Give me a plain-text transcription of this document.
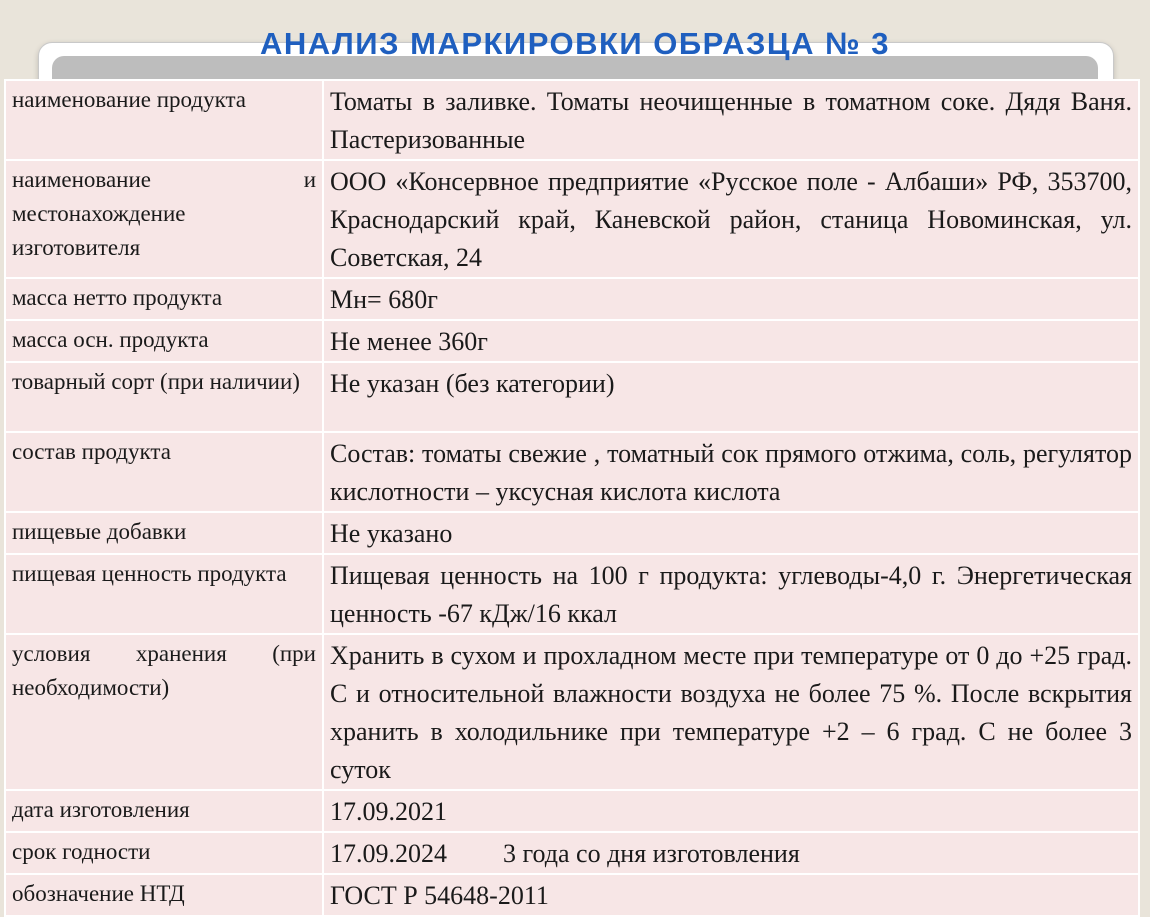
АНАЛИЗ МАРКИРОВКИ ОБРАЗЦА № 3
наименование продукта	Томаты в заливке. Томаты неочищенные в томатном соке. Дядя Ваня. Пастеризованные
наименование и местонахождение изготовителя	ООО «Консервное предприятие «Русское поле - Албаши» РФ, 353700, Краснодарский край, Каневской район, станица Новоминская, ул. Советская, 24
масса нетто продукта	Мн= 680г
масса осн. продукта	Не менее 360г
товарный сорт (при наличии)	Не указан (без категории)
состав продукта	Состав: томаты свежие , томатный сок прямого отжима, соль, регулятор кислотности – уксусная кислота кислота
пищевые добавки	Не указано
пищевая ценность продукта	Пищевая ценность на 100 г продукта: углеводы-4,0 г. Энергетическая ценность -67 кДж/16 ккал
условия хранения (при необходимости)	Хранить в сухом и прохладном месте при температуре от 0 до +25 град. С и относительной влажности воздуха не более 75 %. После вскрытия хранить в холодильнике при температуре +2 – 6 град. С не более 3 суток
дата изготовления	17.09.2021
срок годности	17.09.2024 3 года со дня изготовления
обозначение НТД	ГОСТ Р 54648-2011
